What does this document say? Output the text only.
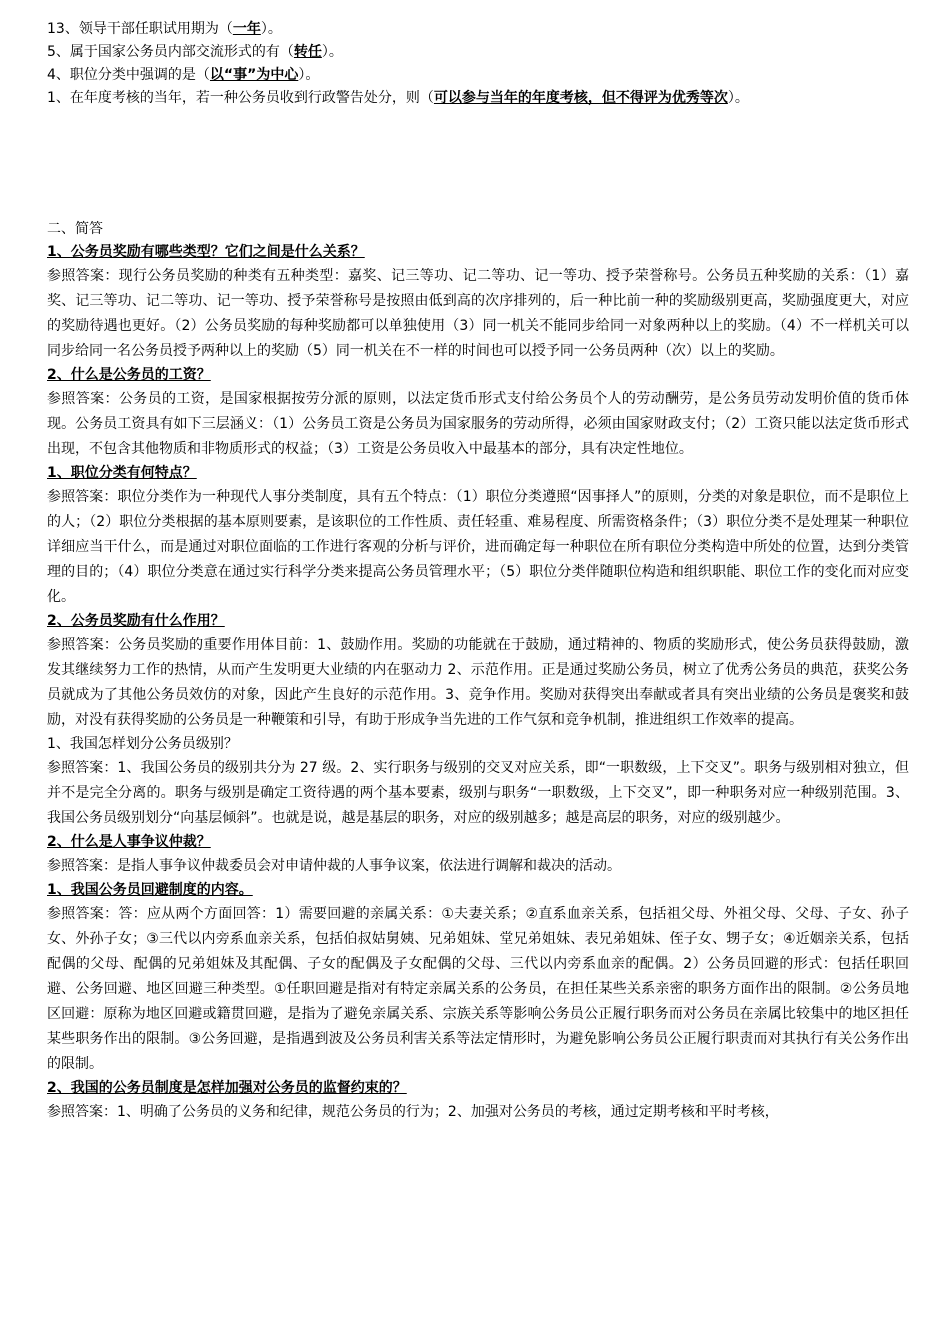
13、领导干部任职试用期为（一年）。
5、属于国家公务员内部交流形式的有（转任）。
4、职位分类中强调的是（以“事”为中心）。
1、在年度考核的当年，若一种公务员收到行政警告处分，则（可以参与当年的年度考核，但不得评为优秀等次）。
二、简答
1、公务员奖励有哪些类型？它们之间是什么关系？
参照答案：现行公务员奖励的种类有五种类型：嘉奖、记三等功、记二等功、记一等功、授予荣誉称号。公务员五种奖励的关系：（1）嘉奖、记三等功、记二等功、记一等功、授予荣誉称号是按照由低到高的次序排列的，后一种比前一种的奖励级别更高，奖励强度更大，对应的奖励待遇也更好。（2）公务员奖励的每种奖励都可以单独使用（3）同一机关不能同步给同一对象两种以上的奖励。（4）不一样机关可以同步给同一名公务员授予两种以上的奖励（5）同一机关在不一样的时间也可以授予同一公务员两种（次）以上的奖励。
2、什么是公务员的工资？
参照答案：公务员的工资，是国家根据按劳分派的原则，以法定货币形式支付给公务员个人的劳动酬劳，是公务员劳动发明价值的货币体现。公务员工资具有如下三层涵义：（1）公务员工资是公务员为国家服务的劳动所得，必须由国家财政支付；（2）工资只能以法定货币形式出现，不包含其他物质和非物质形式的权益；（3）工资是公务员收入中最基本的部分，具有决定性地位。
1、职位分类有何特点？
参照答案：职位分类作为一种现代人事分类制度，具有五个特点：（1）职位分类遵照“因事择人”的原则，分类的对象是职位，而不是职位上的人；（2）职位分类根据的基本原则要素，是该职位的工作性质、责任轻重、难易程度、所需资格条件；（3）职位分类不是处理某一种职位详细应当干什么，而是通过对职位面临的工作进行客观的分析与评价，进而确定每一种职位在所有职位分类构造中所处的位置，达到分类管理的目的；（4）职位分类意在通过实行科学分类来提高公务员管理水平；（5）职位分类伴随职位构造和组织职能、职位工作的变化而对应变化。
2、公务员奖励有什么作用？
参照答案：公务员奖励的重要作用体目前：1、鼓励作用。奖励的功能就在于鼓励，通过精神的、物质的奖励形式，使公务员获得鼓励，激发其继续努力工作的热情，从而产生发明更大业绩的内在驱动力 2、示范作用。正是通过奖励公务员，树立了优秀公务员的典范，获奖公务员就成为了其他公务员效仿的对象，因此产生良好的示范作用。3、竞争作用。奖励对获得突出奉献或者具有突出业绩的公务员是褒奖和鼓励，对没有获得奖励的公务员是一种鞭策和引导，有助于形成争当先进的工作气氛和竞争机制，推进组织工作效率的提高。
1、我国怎样划分公务员级别？
参照答案：1、我国公务员的级别共分为 27 级。2、实行职务与级别的交叉对应关系，即“一职数级，上下交叉”。职务与级别相对独立，但并不是完全分离的。职务与级别是确定工资待遇的两个基本要素，级别与职务“一职数级，上下交叉”，即一种职务对应一种级别范围。3、我国公务员级别划分“向基层倾斜”。也就是说，越是基层的职务，对应的级别越多；越是高层的职务，对应的级别越少。
2、什么是人事争议仲裁？
参照答案：是指人事争议仲裁委员会对申请仲裁的人事争议案，依法进行调解和裁决的活动。
1、我国公务员回避制度的内容。
参照答案：答：应从两个方面回答：1）需要回避的亲属关系：①夫妻关系；②直系血亲关系，包括祖父母、外祖父母、父母、子女、孙子女、外孙子女；③三代以内旁系血亲关系，包括伯叔姑舅姨、兄弟姐妹、堂兄弟姐妹、表兄弟姐妹、侄子女、甥子女；④近姻亲关系，包括配偶的父母、配偶的兄弟姐妹及其配偶、子女的配偶及子女配偶的父母、三代以内旁系血亲的配偶。2）公务员回避的形式：包括任职回避、公务回避、地区回避三种类型。①任职回避是指对有特定亲属关系的公务员，在担任某些关系亲密的职务方面作出的限制。②公务员地区回避：原称为地区回避或籍贯回避，是指为了避免亲属关系、宗族关系等影响公务员公正履行职务而对公务员在亲属比较集中的地区担任某些职务作出的限制。③公务回避，是指遇到波及公务员利害关系等法定情形时，为避免影响公务员公正履行职责而对其执行有关公务作出的限制。
2、我国的公务员制度是怎样加强对公务员的监督约束的？
参照答案：1、明确了公务员的义务和纪律，规范公务员的行为；2、加强对公务员的考核，通过定期考核和平时考核，
